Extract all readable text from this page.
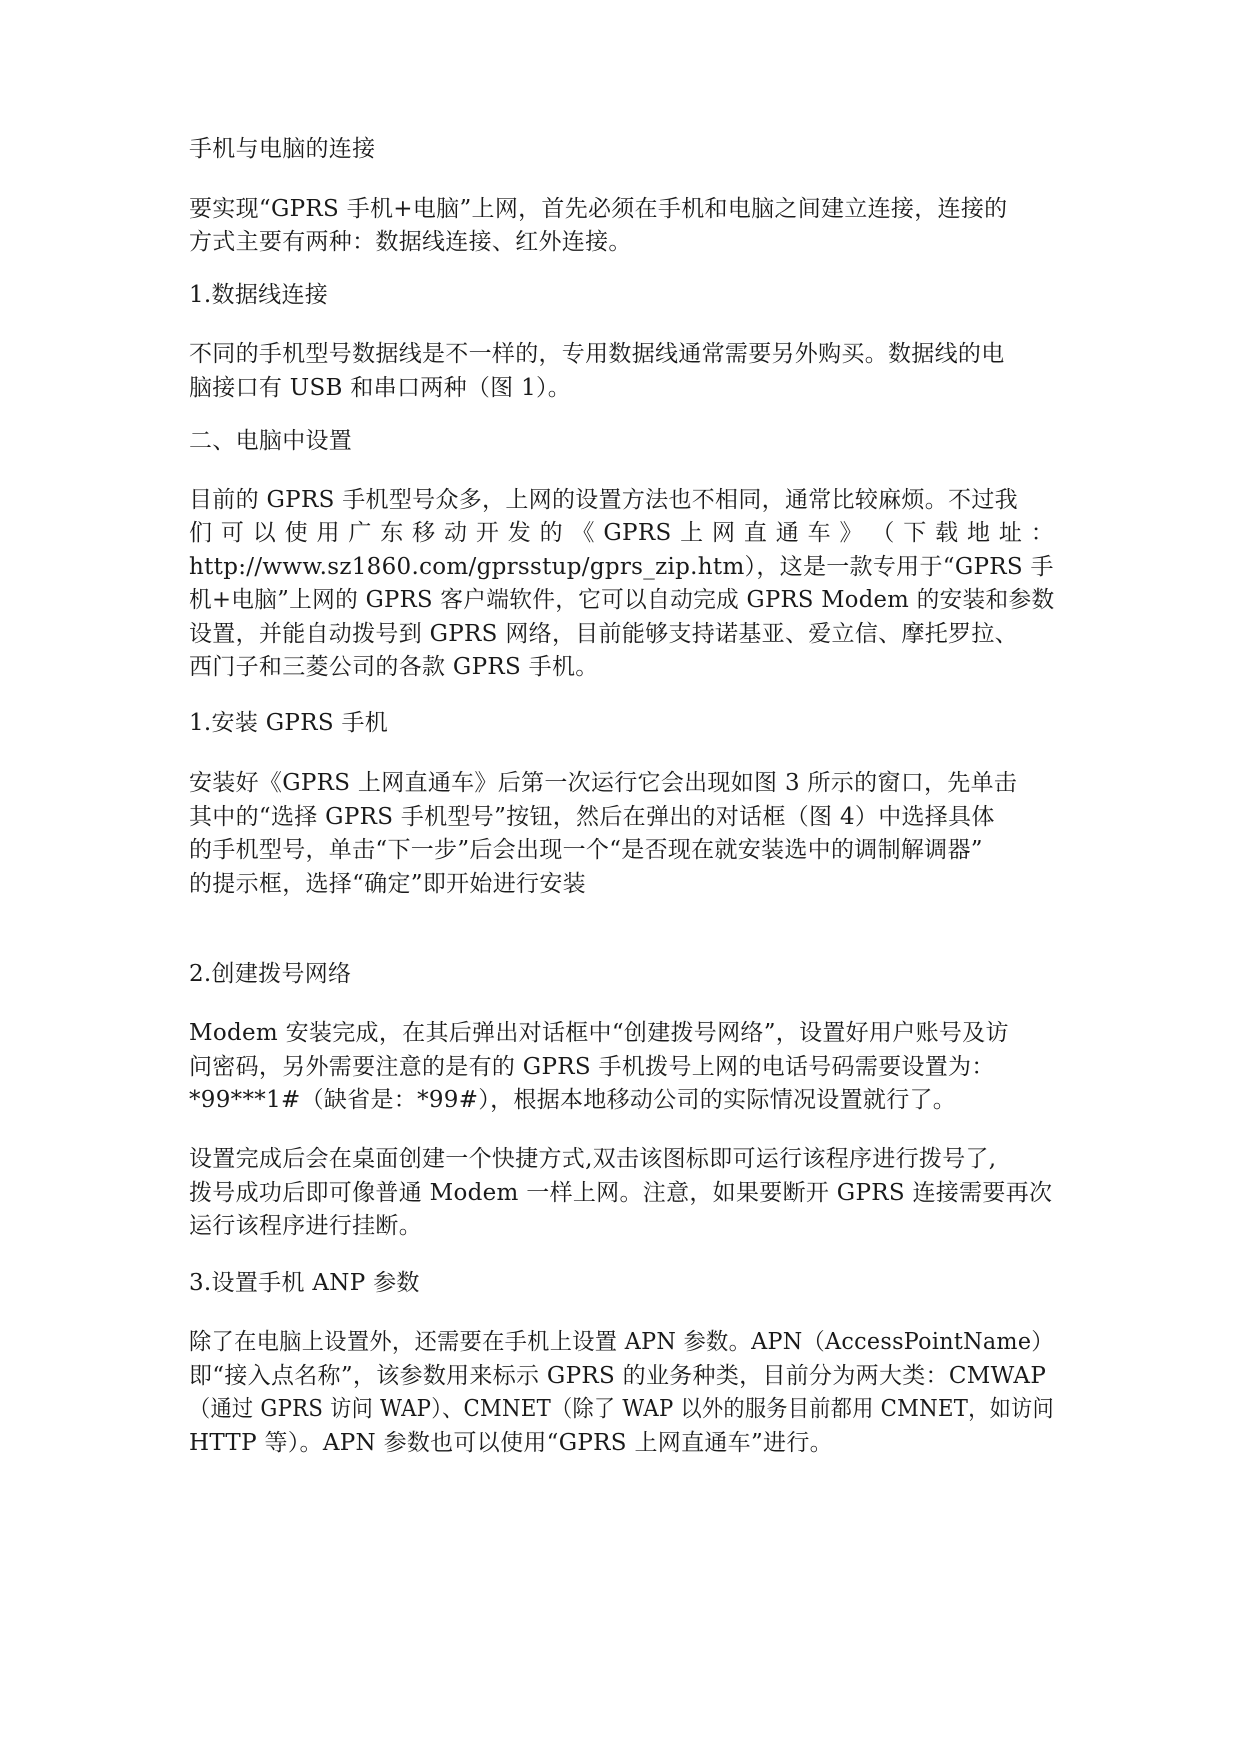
手机与电脑的连接
要实现“GPRS 手机+电脑”上网，首先必须在手机和电脑之间建立连接，连接的
方式主要有两种：数据线连接、红外连接。
1.数据线连接
不同的手机型号数据线是不一样的，专用数据线通常需要另外购买。数据线的电
脑接口有 USB 和串口两种（图 1）。
二、电脑中设置
目前的 GPRS 手机型号众多，上网的设置方法也不相同，通常比较麻烦。不过我
们 可 以 使 用 广 东 移 动 开 发 的 《 GPRS 上 网 直 通 车 》 （ 下 载 地 址 ：
http://www.sz1860.com/gprsstup/gprs_zip.htm），这是一款专用于“GPRS 手
机+电脑”上网的 GPRS 客户端软件，它可以自动完成 GPRS Modem 的安装和参数
设置，并能自动拨号到 GPRS 网络，目前能够支持诺基亚、爱立信、摩托罗拉、
西门子和三菱公司的各款 GPRS 手机。
1.安装 GPRS 手机
安装好《GPRS 上网直通车》后第一次运行它会出现如图 3 所示的窗口，先单击
其中的“选择 GPRS 手机型号”按钮，然后在弹出的对话框（图 4）中选择具体
的手机型号，单击“下一步”后会出现一个“是否现在就安装选中的调制解调器”
的提示框，选择“确定”即开始进行安装
2.创建拨号网络
Modem 安装完成，在其后弹出对话框中“创建拨号网络”，设置好用户账号及访
问密码，另外需要注意的是有的 GPRS 手机拨号上网的电话号码需要设置为：
*99***1#（缺省是：*99#），根据本地移动公司的实际情况设置就行了。
设置完成后会在桌面创建一个快捷方式,双击该图标即可运行该程序进行拨号了,
拨号成功后即可像普通 Modem 一样上网。注意，如果要断开 GPRS 连接需要再次
运行该程序进行挂断。
3.设置手机 ANP 参数
除了在电脑上设置外，还需要在手机上设置 APN 参数。APN（AccessPointName）
即“接入点名称”，该参数用来标示 GPRS 的业务种类，目前分为两大类：CMWAP
（通过 GPRS 访问 WAP）、CMNET（除了 WAP 以外的服务目前都用 CMNET，如访问
HTTP 等）。APN 参数也可以使用“GPRS 上网直通车”进行。
